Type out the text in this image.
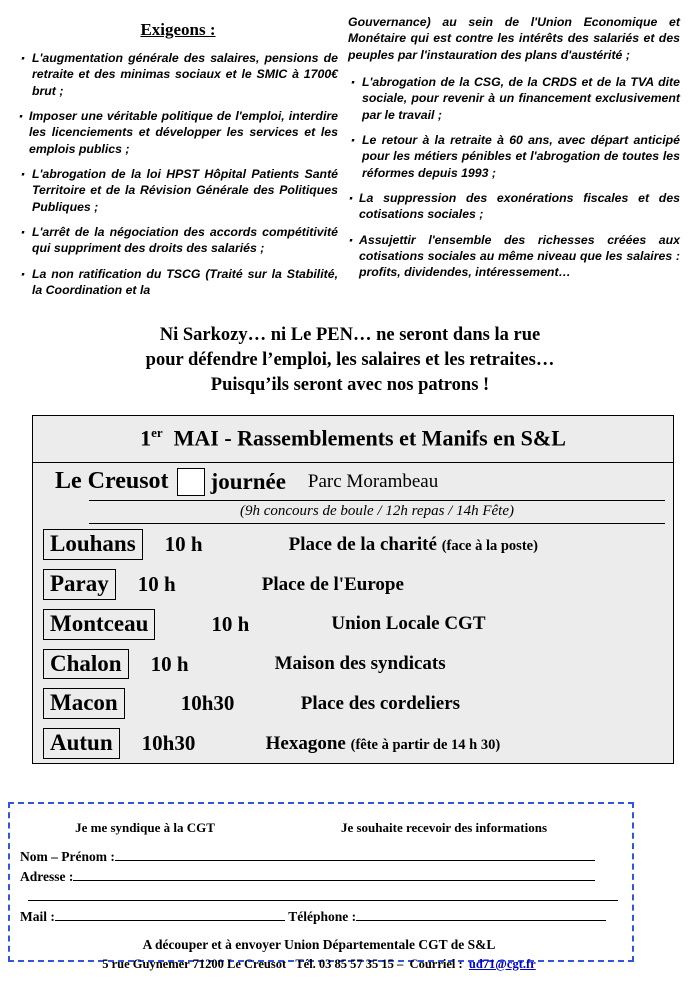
Exigeons :
· L'augmentation générale des salaires, pensions de retraite et des minimas sociaux et le SMIC à 1700€ brut ;
· Imposer une véritable politique de l'emploi, interdire les licenciements et développer les services et les emplois publics ;
· L'abrogation de la loi HPST Hôpital Patients Santé Territoire et de la Révision Générale des Politiques Publiques ;
· L'arrêt de la négociation des accords compétitivité qui suppriment des droits des salariés ;
· La non ratification du TSCG (Traité sur la Stabilité, la Coordination et la
Gouvernance) au sein de l'Union Economique et Monétaire qui est contre les intérêts des salariés et des peuples par l'instauration des plans d'austérité ;
· L'abrogation de la CSG, de la CRDS et de la TVA dite sociale, pour revenir à un financement exclusivement par le travail ;
· Le retour à la retraite à 60 ans, avec départ anticipé pour les métiers pénibles et l'abrogation de toutes les réformes depuis 1993 ;
· La suppression des exonérations fiscales et des cotisations sociales ;
· Assujettir l'ensemble des richesses créées aux cotisations sociales au même niveau que les salaires : profits, dividendes, intéressement…
Ni Sarkozy… ni Le PEN… ne seront dans la rue
pour défendre l’emploi, les salaires et les retraites…
Puisqu’ils seront avec nos patrons !
1er MAI - Rassemblements et Manifs en S&L
Le Creusot journée	Parc Morambeau
(9h concours de boule / 12h repas / 14h Fête)
Louhans	10 h	Place de la charité (face à la poste)
Paray	10 h	Place de l'Europe
Montceau	10 h	Union Locale CGT
Chalon	10 h	Maison des syndicats
Macon	10h30	Place des cordeliers
Autun	10h30	Hexagone (fête à partir de 14 h 30)
Je me syndique à la CGT	Je souhaite recevoir des informations
Nom – Prénom :
Adresse :
Mail :	Téléphone :
A découper et à envoyer Union Départementale CGT de S&L
5 rue Guynemer 71200 Le Creusot Tél. 03 85 57 35 15 – Courriel : ud71@cgt.fr
